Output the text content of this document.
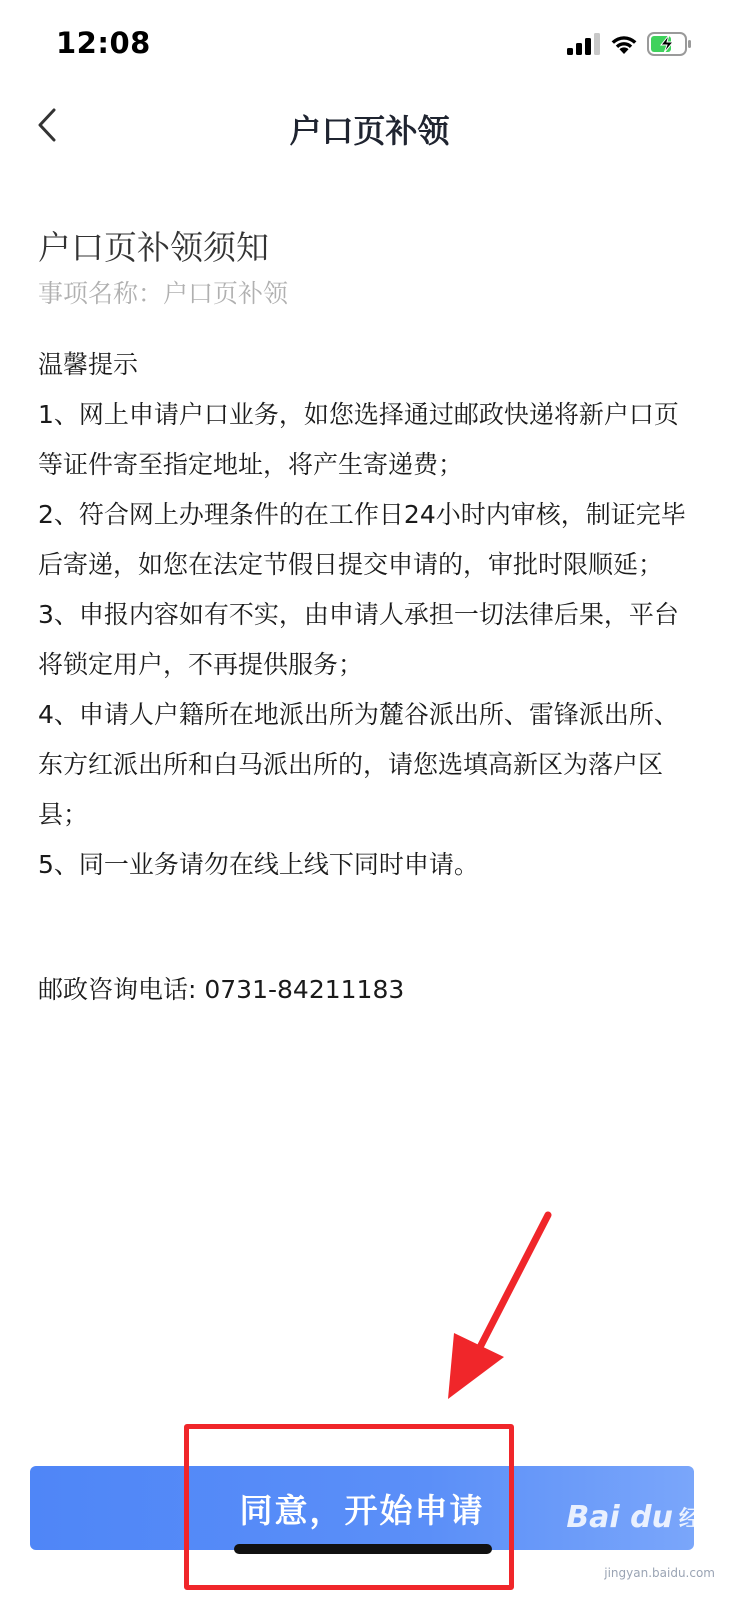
12:08
户口页补领
户口页补领须知
事项名称：户口页补领

温馨提示

1、网上申请户口业务，如您选择通过邮政快递将新户口页等证件寄至指定地址，将产生寄递费；

2、符合网上办理条件的在工作日24小时内审核，制证完毕后寄递，如您在法定节假日提交申请的，审批时限顺延；

3、申报内容如有不实，由申请人承担一切法律后果，平台将锁定用户，不再提供服务；

4、申请人户籍所在地派出所为麓谷派出所、雷锋派出所、东方红派出所和白马派出所的，请您选填高新区为落户区县；

5、同一业务请勿在线上线下同时申请。

邮政咨询电话: 0731-84211183
同意，开始申请	Bai du 经验
jingyan.baidu.com
